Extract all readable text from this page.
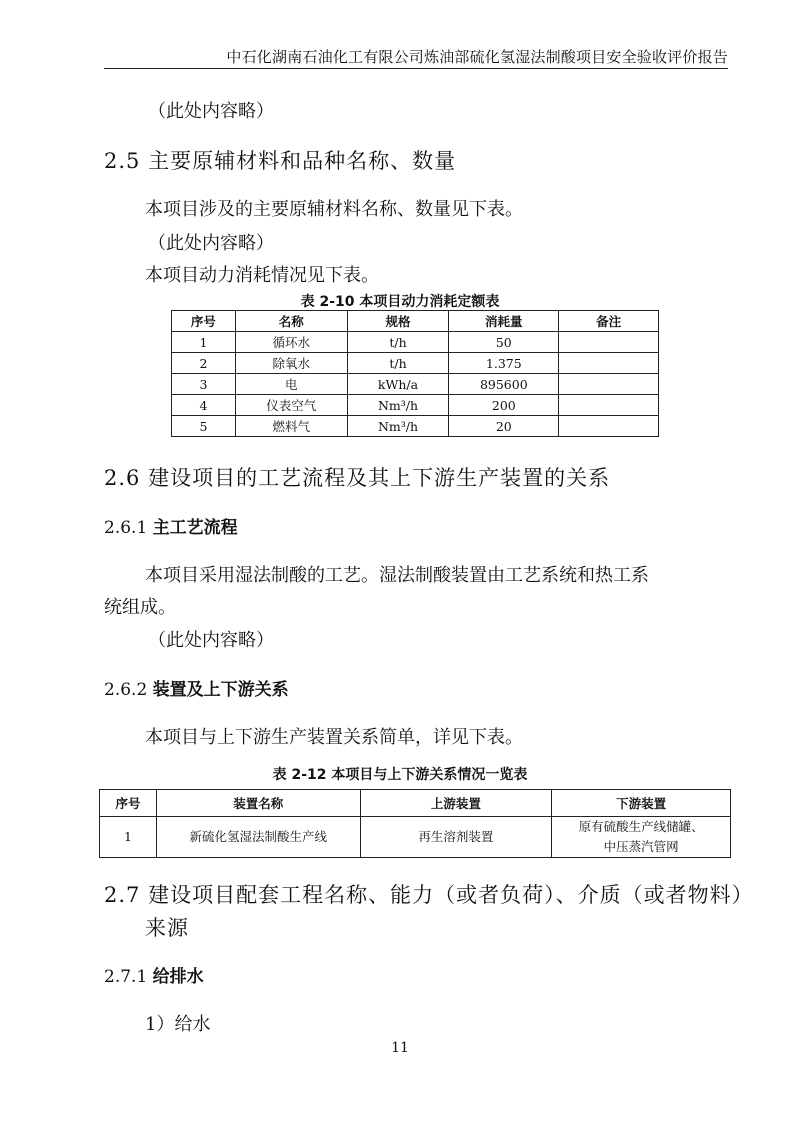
中石化湖南石油化工有限公司炼油部硫化氢湿法制酸项目安全验收评价报告
（此处内容略）
2.5 主要原辅材料和品种名称、数量
本项目涉及的主要原辅材料名称、数量见下表。
（此处内容略）
本项目动力消耗情况见下表。
表 2-10 本项目动力消耗定额表
序号	名称	规格	消耗量	备注
1	循环水	t/h	50	
2	除氧水	t/h	1.375	
3	电	kWh/a	895600	
4	仪表空气	Nm³/h	200	
5	燃料气	Nm³/h	20	
2.6 建设项目的工艺流程及其上下游生产装置的关系
2.6.1 主工艺流程
本项目采用湿法制酸的工艺。湿法制酸装置由工艺系统和热工系
统组成。
（此处内容略）
2.6.2 装置及上下游关系
本项目与上下游生产装置关系简单，详见下表。
表 2-12 本项目与上下游关系情况一览表
序号	装置名称	上游装置	下游装置
1	新硫化氢湿法制酸生产线	再生溶剂装置	原有硫酸生产线储罐、
中压蒸汽管网
2.7 建设项目配套工程名称、能力（或者负荷）、介质（或者物料）
来源
2.7.1 给排水
1）给水
11
